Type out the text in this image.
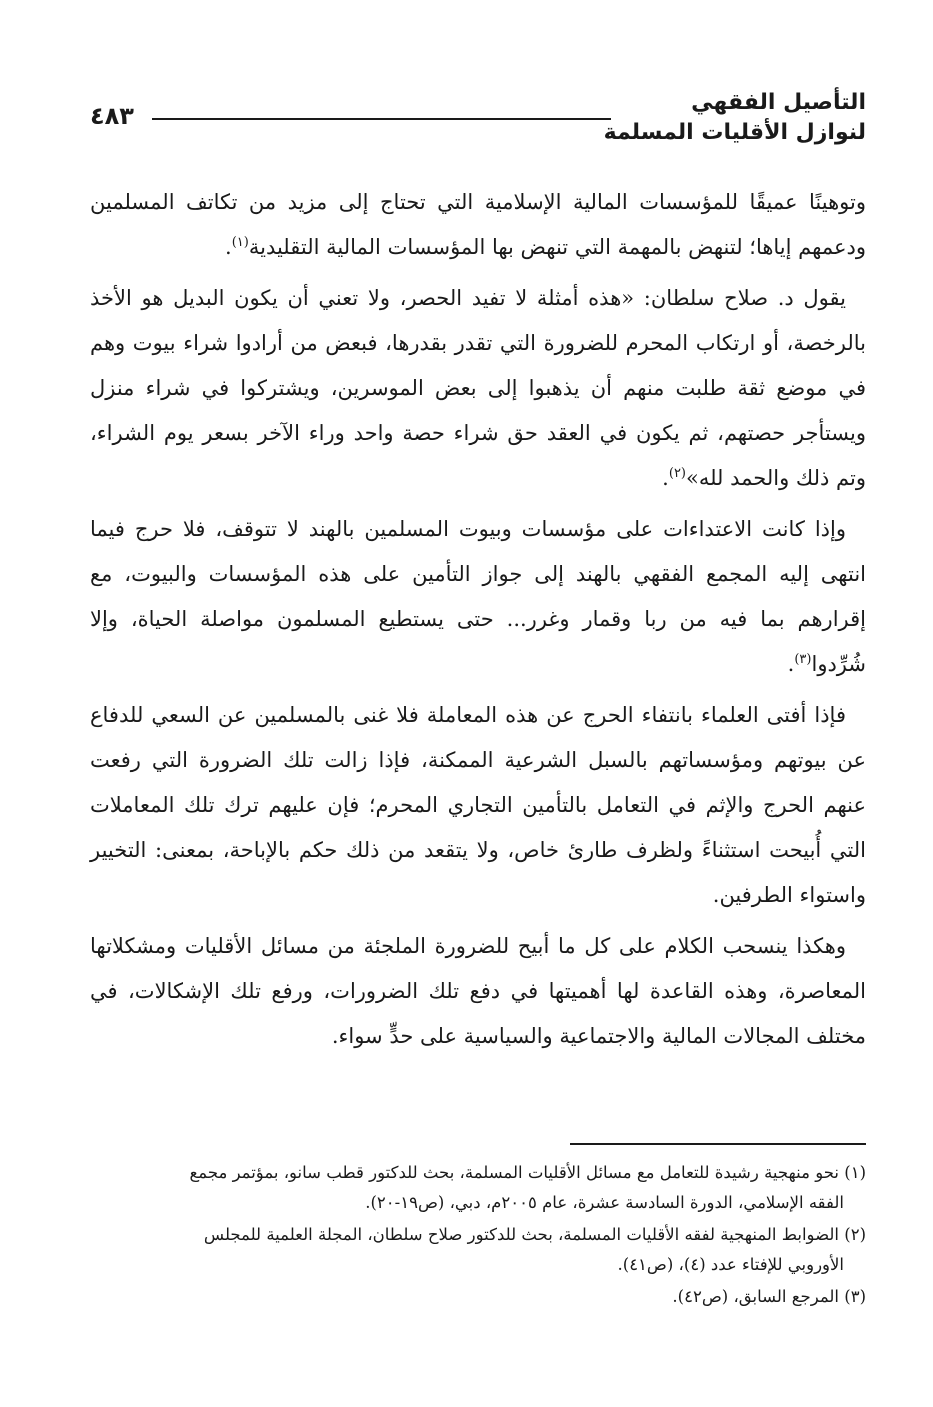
التأصيل الفقهي
لنوازل الأقليات المسلمة
٤٨٣

وتوهينًا عميقًا للمؤسسات المالية الإسلامية التي تحتاج إلى مزيد من تكاتف المسلمين ودعمهم إياها؛ لتنهض بالمهمة التي تنهض بها المؤسسات المالية التقليدية$^{(١)}$.

يقول د. صلاح سلطان: «هذه أمثلة لا تفيد الحصر، ولا تعني أن يكون البديل هو الأخذ بالرخصة، أو ارتكاب المحرم للضرورة التي تقدر بقدرها، فبعض من أرادوا شراء بيوت وهم في موضع ثقة طلبت منهم أن يذهبوا إلى بعض الموسرين، ويشتركوا في شراء منزل ويستأجر حصتهم، ثم يكون في العقد حق شراء حصة واحد وراء الآخر بسعر يوم الشراء، وتم ذلك والحمد لله»$^{(٢)}$.

وإذا كانت الاعتداءات على مؤسسات وبيوت المسلمين بالهند لا تتوقف، فلا حرج فيما انتهى إليه المجمع الفقهي بالهند إلى جواز التأمين على هذه المؤسسات والبيوت، مع إقرارهم بما فيه من ربا وقمار وغرر... حتى يستطيع المسلمون مواصلة الحياة، وإلا شُرِّدوا$^{(٣)}$.

فإذا أفتى العلماء بانتفاء الحرج عن هذه المعاملة فلا غنى بالمسلمين عن السعي للدفاع عن بيوتهم ومؤسساتهم بالسبل الشرعية الممكنة، فإذا زالت تلك الضرورة التي رفعت عنهم الحرج والإثم في التعامل بالتأمين التجاري المحرم؛ فإن عليهم ترك تلك المعاملات التي أُبيحت استثناءً ولظرف طارئ خاص، ولا يتقعد من ذلك حكم بالإباحة، بمعنى: التخيير واستواء الطرفين.

وهكذا ينسحب الكلام على كل ما أبيح للضرورة الملجئة من مسائل الأقليات ومشكلاتها المعاصرة، وهذه القاعدة لها أهميتها في دفع تلك الضرورات، ورفع تلك الإشكالات، في مختلف المجالات المالية والاجتماعية والسياسية على حدٍّ سواء.

(١) نحو منهجية رشيدة للتعامل مع مسائل الأقليات المسلمة، بحث للدكتور قطب سانو، بمؤتمر مجمع
الفقه الإسلامي، الدورة السادسة عشرة، عام ٢٠٠٥م، دبي، (ص١٩-٢٠).
(٢) الضوابط المنهجية لفقه الأقليات المسلمة، بحث للدكتور صلاح سلطان، المجلة العلمية للمجلس
الأوروبي للإفتاء عدد (٤)، (ص٤١).
(٣) المرجع السابق، (ص٤٢).
